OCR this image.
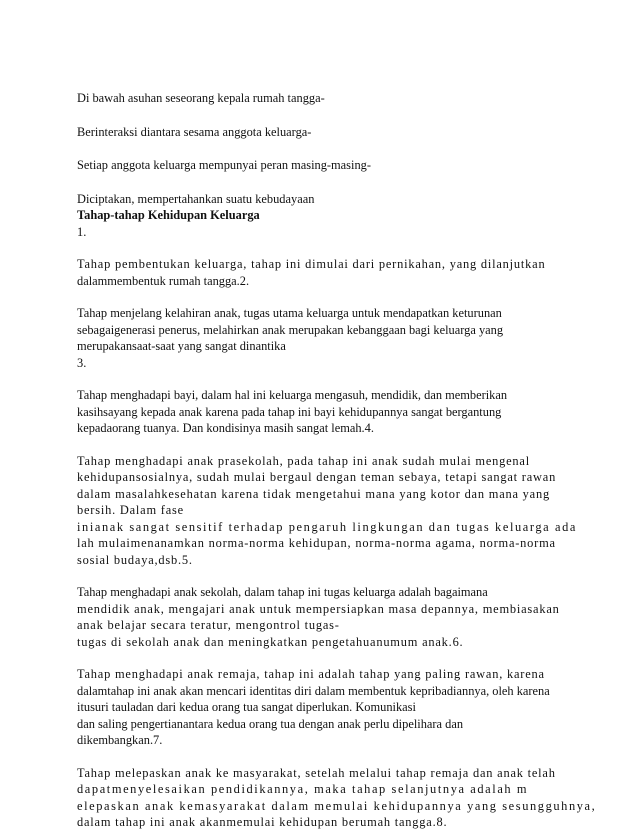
Di bawah asuhan seseorang kepala rumah tangga-
Berinteraksi diantara sesama anggota keluarga-
Setiap anggota keluarga mempunyai peran masing-masing-
Diciptakan, mempertahankan suatu kebudayaan
Tahap-tahap Kehidupan Keluarga
1.
Tahap pembentukan keluarga, tahap ini dimulai dari pernikahan, yang dilanjutkan
dalammembentuk rumah tangga.2.
Tahap menjelang kelahiran anak, tugas utama keluarga untuk mendapatkan keturunan
sebagaigenerasi penerus, melahirkan anak merupakan kebanggaan bagi keluarga yang
merupakansaat-saat yang sangat dinantika
3.
Tahap menghadapi bayi, dalam hal ini keluarga mengasuh, mendidik, dan memberikan
kasihsayang kepada anak karena pada tahap ini bayi kehidupannya sangat bergantung
kepadaorang tuanya. Dan kondisinya masih sangat lemah.4.
Tahap menghadapi anak prasekolah, pada tahap ini anak sudah mulai mengenal
kehidupansosialnya, sudah mulai bergaul dengan teman sebaya, tetapi sangat rawan
dalam masalahkesehatan karena tidak mengetahui mana yang kotor dan mana yang
bersih. Dalam fase
inianak sangat sensitif terhadap pengaruh lingkungan dan tugas keluarga ada
lah mulaimenanamkan norma-norma kehidupan, norma-norma agama, norma-norma
sosial budaya,dsb.5.
Tahap menghadapi anak sekolah, dalam tahap ini tugas keluarga adalah bagaimana
mendidik anak, mengajari anak untuk mempersiapkan masa depannya, membiasakan
anak belajar secara teratur, mengontrol tugas-
tugas di sekolah anak dan meningkatkan pengetahuanumum anak.6.
Tahap menghadapi anak remaja, tahap ini adalah tahap yang paling rawan, karena
dalamtahap ini anak akan mencari identitas diri dalam membentuk kepribadiannya, oleh karena
itusuri tauladan dari kedua orang tua sangat diperlukan. Komunikasi
dan saling pengertianantara kedua orang tua dengan anak perlu dipelihara dan
dikembangkan.7.
Tahap melepaskan anak ke masyarakat, setelah melalui tahap remaja dan anak telah
dapatmenyelesaikan pendidikannya, maka tahap selanjutnya adalah m
elepaskan anak kemasyarakat dalam memulai kehidupannya yang sesungguhnya,
dalam tahap ini anak akanmemulai kehidupan berumah tangga.8.
